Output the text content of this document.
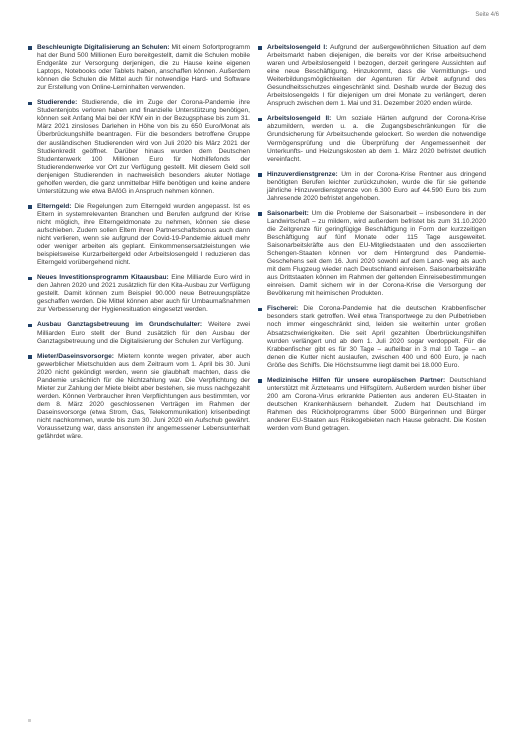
Seite 4/6

Beschleunigte Digitalisierung an Schulen: Mit einem Sofortprogramm hat der Bund 500 Millionen Euro bereitgestellt, damit die Schulen mobile Endgeräte zur Versorgung derjenigen, die zu Hause keine eigenen Laptops, Notebooks oder Tablets haben, anschaffen können. Außerdem können die Schulen die Mittel auch für notwendige Hard- und Software zur Erstellung von Online-Lerninhalten verwenden.

Studierende: Studierende, die im Zuge der Corona-Pandemie ihre Studentenjobs verloren haben und finanzielle Unterstützung benötigen, können seit Anfang Mai bei der KfW ein in der Bezugsphase bis zum 31. März 2021 zinsloses Darlehen in Höhe von bis zu 650 Euro/Monat als Überbrückungshilfe beantragen. Für die besonders betroffene Gruppe der ausländischen Studierenden wird von Juli 2020 bis März 2021 der Studienkredit geöffnet. Darüber hinaus wurden dem Deutschen Studentenwerk 100 Millionen Euro für Nothilfefonds der Studierendenwerke vor Ort zur Verfügung gestellt. Mit diesem Geld soll denjenigen Studierenden in nachweislich besonders akuter Notlage geholfen werden, die ganz unmittelbar Hilfe benötigen und keine andere Unterstützung wie etwa BAföG in Anspruch nehmen können.

Elterngeld: Die Regelungen zum Elterngeld wurden angepasst. Ist es Eltern in systemrelevanten Branchen und Berufen aufgrund der Krise nicht möglich, ihre Elterngeldmonate zu nehmen, können sie diese aufschieben. Zudem sollen Eltern ihren Partnerschaftsbonus auch dann nicht verlieren, wenn sie aufgrund der Covid-19-Pandemie aktuell mehr oder weniger arbeiten als geplant. Einkommensersatzleistungen wie beispielsweise Kurzarbeitergeld oder Arbeitslosengeld I reduzieren das Elterngeld vorübergehend nicht.

Neues Investitionsprogramm Kitaausbau: Eine Milliarde Euro wird in den Jahren 2020 und 2021 zusätzlich für den Kita-Ausbau zur Verfügung gestellt. Damit können zum Beispiel 90.000 neue Betreuungsplätze geschaffen werden. Die Mittel können aber auch für Umbaumaßnahmen zur Verbesserung der Hygienesituation eingesetzt werden.

Ausbau Ganztagsbetreuung im Grundschulalter: Weitere zwei Milliarden Euro stellt der Bund zusätzlich für den Ausbau der Ganztagsbetreuung und die Digitalisierung der Schulen zur Verfügung.

Mieter/Daseinsvorsorge: Mietern konnte wegen privater, aber auch gewerblicher Mietschulden aus dem Zeitraum vom 1. April bis 30. Juni 2020 nicht gekündigt werden, wenn sie glaubhaft machten, dass die Pandemie ursächlich für die Nichtzahlung war. Die Verpflichtung der Mieter zur Zahlung der Miete bleibt aber bestehen, sie muss nachgezahlt werden. Können Verbraucher ihren Verpflichtungen aus bestimmten, vor dem 8. März 2020 geschlossenen Verträgen im Rahmen der Daseinsvorsorge (etwa Strom, Gas, Telekommunikation) krisenbedingt nicht nachkommen, wurde bis zum 30. Juni 2020 ein Aufschub gewährt. Voraussetzung war, dass ansonsten ihr angemessener Lebensunterhalt gefährdet wäre.

Arbeitslosengeld I: Aufgrund der außergewöhnlichen Situation auf dem Arbeitsmarkt haben diejenigen, die bereits vor der Krise arbeitsuchend waren und Arbeitslosengeld I bezogen, derzeit geringere Aussichten auf eine neue Beschäftigung. Hinzukommt, dass die Vermittlungs- und Weiterbildungsmöglichkeiten der Agenturen für Arbeit aufgrund des Gesundheitsschutzes eingeschränkt sind. Deshalb wurde der Bezug des Arbeitslosengelds I für diejenigen um drei Monate zu verlängert, deren Anspruch zwischen dem 1. Mai und 31. Dezember 2020 enden würde.

Arbeitslosengeld II: Um soziale Härten aufgrund der Corona-Krise abzumildern, werden u. a. die Zugangsbeschränkungen für die Grundsicherung für Arbeitsuchende gelockert. So werden die notwendige Vermögensprüfung und die Überprüfung der Angemessenheit der Unterkunfts- und Heizungskosten ab dem 1. März 2020 befristet deutlich vereinfacht.

Hinzuverdienstgrenze: Um in der Corona-Krise Rentner aus dringend benötigten Berufen leichter zurückzuholen, wurde die für sie geltende jährliche Hinzuverdienstgrenze von 6.300 Euro auf 44.590 Euro bis zum Jahresende 2020 befristet angehoben.

Saisonarbeit: Um die Probleme der Saisonarbeit – insbesondere in der Landwirtschaft – zu mildern, wird außerdem befristet bis zum 31.10.2020 die Zeitgrenze für geringfügige Beschäftigung in Form der kurzzeitigen Beschäftigung auf fünf Monate oder 115 Tage ausgeweitet. Saisonarbeitskräfte aus den EU-Mitgliedstaaten und den assoziierten Schengen-Staaten können vor dem Hintergrund des Pandemie-Geschehens seit dem 16. Juni 2020 sowohl auf dem Land- weg als auch mit dem Flugzeug wieder nach Deutschland einreisen. Saisonarbeitskräfte aus Drittstaaten können im Rahmen der geltenden Einreisebestimmungen einreisen. Damit sichern wir in der Corona-Krise die Versorgung der Bevölkerung mit heimischen Produkten.

Fischerei: Die Corona-Pandemie hat die deutschen Krabbenfischer besonders stark getroffen. Weil etwa Transportwege zu den Pulbetrieben noch immer eingeschränkt sind, leiden sie weiterhin unter großen Absatzschwierigkeiten. Die seit April gezahlten Überbrückungshilfen wurden verlängert und ab dem 1. Juli 2020 sogar verdoppelt. Für die Krabbenfischer gibt es für 30 Tage – aufteilbar in 3 mal 10 Tage – an denen die Kutter nicht auslaufen, zwischen 400 und 600 Euro, je nach Größe des Schiffs. Die Höchstsumme liegt damit bei 18.000 Euro.

Medizinische Hilfen für unsere europäischen Partner: Deutschland unterstützt mit Ärzteteams und Hilfsgütern. Außerdem wurden bisher über 200 am Corona-Virus erkrankte Patienten aus anderen EU-Staaten in deutschen Krankenhäusern behandelt. Zudem hat Deutschland im Rahmen des Rückholprogramms über 5000 Bürgerinnen und Bürger anderer EU-Staaten aus Risikogebieten nach Hause gebracht. Die Kosten werden vom Bund getragen.
